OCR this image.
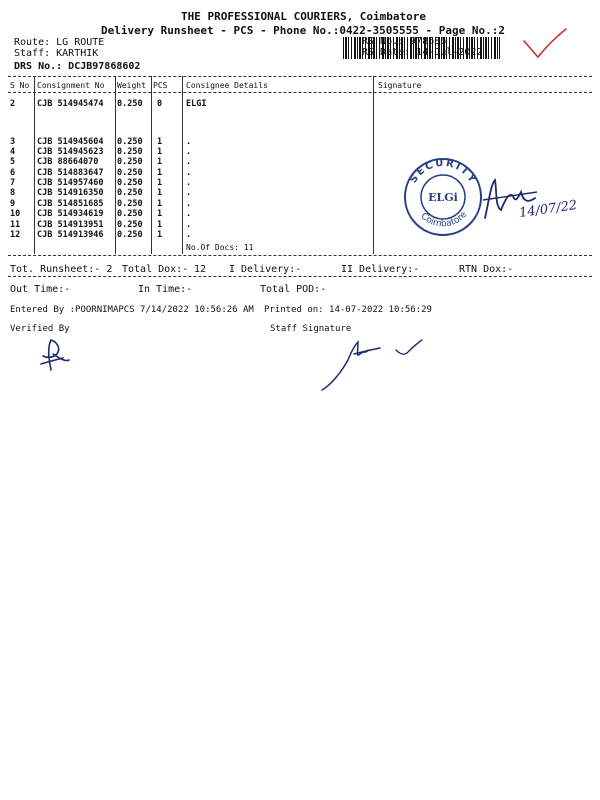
THE PROFESSIONAL COURIERS, Coimbatore
Delivery Runsheet - PCS - Phone No.:0422-3505555 - Page No.:2
Route: LG ROUTE
Staff: KARTHIK
DRS No.: DCJB97868602
RS No.: 978686
RS Date: 14-Jul-2022
S No Consignment No Weight PCS Consignee Details	Signature
2	CJB 514945474 0.250 0	ELGI
3	CJB 514945604 0.250 1	.
4	CJB 514945623 0.250 1	.
5	CJB 88664070 0.250 1	.
6	CJB 514883647 0.250 1	.
7	CJB 514957460 0.250 1	.
8	CJB 514916350 0.250 1	.
9	CJB 514851685 0.250 1	.
10 CJB 514934619 0.250 1	.
11 CJB 514913951 0.250 1	.
12 CJB 514913946 0.250 1	.
No.Of Docs: 11
SECURITY
Coimbatore
ELGi
14/07/22
Tot. Runsheet:- 2 Total Dox:- 12 I Delivery:-	II Delivery:-	RTN Dox:-
Out Time:-	In Time:-	Total POD:-
Entered By :POORNIMAPCS 7/14/2022 10:56:26 AM Printed on: 14-07-2022 10:56:29
Verified By	Staff Signature
